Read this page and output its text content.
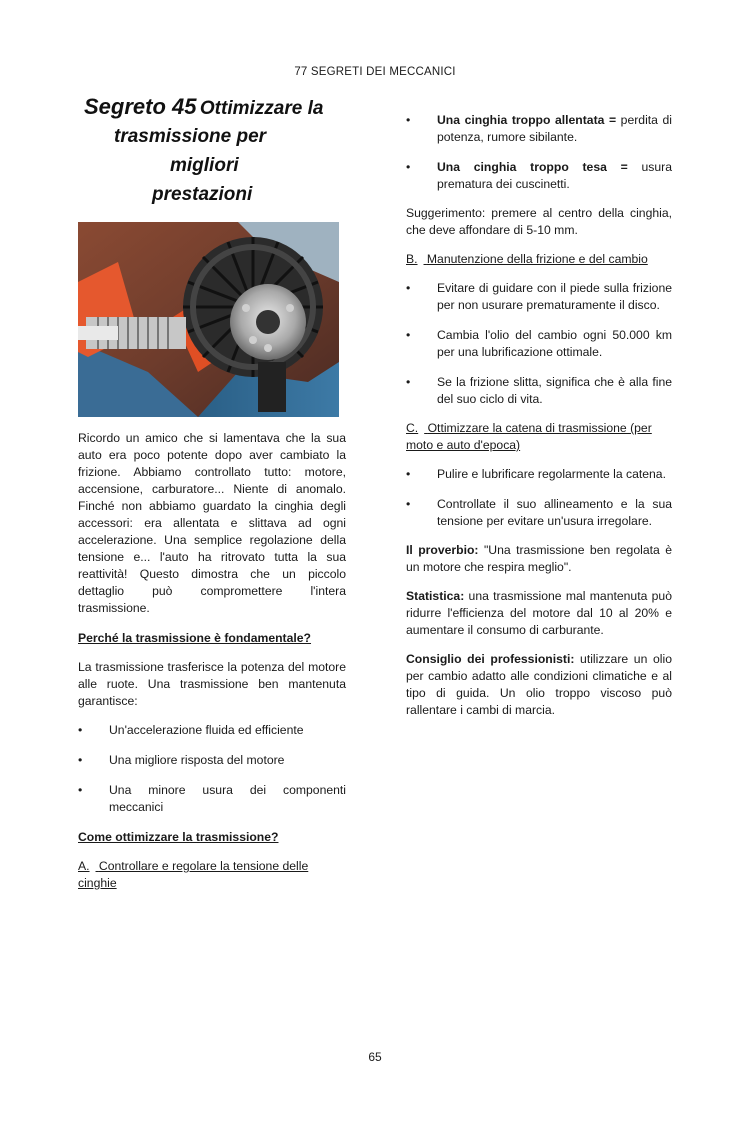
77 SEGRETI DEI MECCANICI
Segreto 45 Ottimizzare la
trasmissione per
migliori
prestazioni

Ricordo un amico che si lamentava che la sua auto era poco potente dopo aver cambiato la frizione. Abbiamo controllato tutto: motore, accensione, carburatore... Niente di anomalo. Finché non abbiamo guardato la cinghia degli accessori: era allentata e slittava ad ogni accelerazione. Una semplice regolazione della tensione e... l'auto ha ritrovato tutta la sua reattività! Questo dimostra che un piccolo dettaglio può compromettere l'intera trasmissione.

Perché la trasmissione è fondamentale?

La trasmissione trasferisce la potenza del motore alle ruote. Una trasmissione ben mantenuta garantisce:

• Un'accelerazione fluida ed efficiente
• Una migliore risposta del motore
• Una minore usura dei componenti meccanici
Come ottimizzare la trasmissione?
A. Controllare e regolare la tensione delle cinghie
• Una cinghia troppo allentata = perdita di potenza, rumore sibilante.
• Una cinghia troppo tesa = usura prematura dei cuscinetti.

Suggerimento: premere al centro della cinghia, che deve affondare di 5-10 mm.

B. Manutenzione della frizione e del cambio
• Evitare di guidare con il piede sulla frizione per non usurare prematuramente il disco.
• Cambia l'olio del cambio ogni 50.000 km per una lubrificazione ottimale.
• Se la frizione slitta, significa che è alla fine del suo ciclo di vita.
C. Ottimizzare la catena di trasmissione (per moto e auto d'epoca)
• Pulire e lubrificare regolarmente la catena.
• Controllate il suo allineamento e la sua tensione per evitare un'usura irregolare.

Il proverbio: "Una trasmissione ben regolata è un motore che respira meglio".

Statistica: una trasmissione mal mantenuta può ridurre l'efficienza del motore dal 10 al 20% e aumentare il consumo di carburante.

Consiglio dei professionisti: utilizzare un olio per cambio adatto alle condizioni climatiche e al tipo di guida. Un olio troppo viscoso può rallentare i cambi di marcia.

65
